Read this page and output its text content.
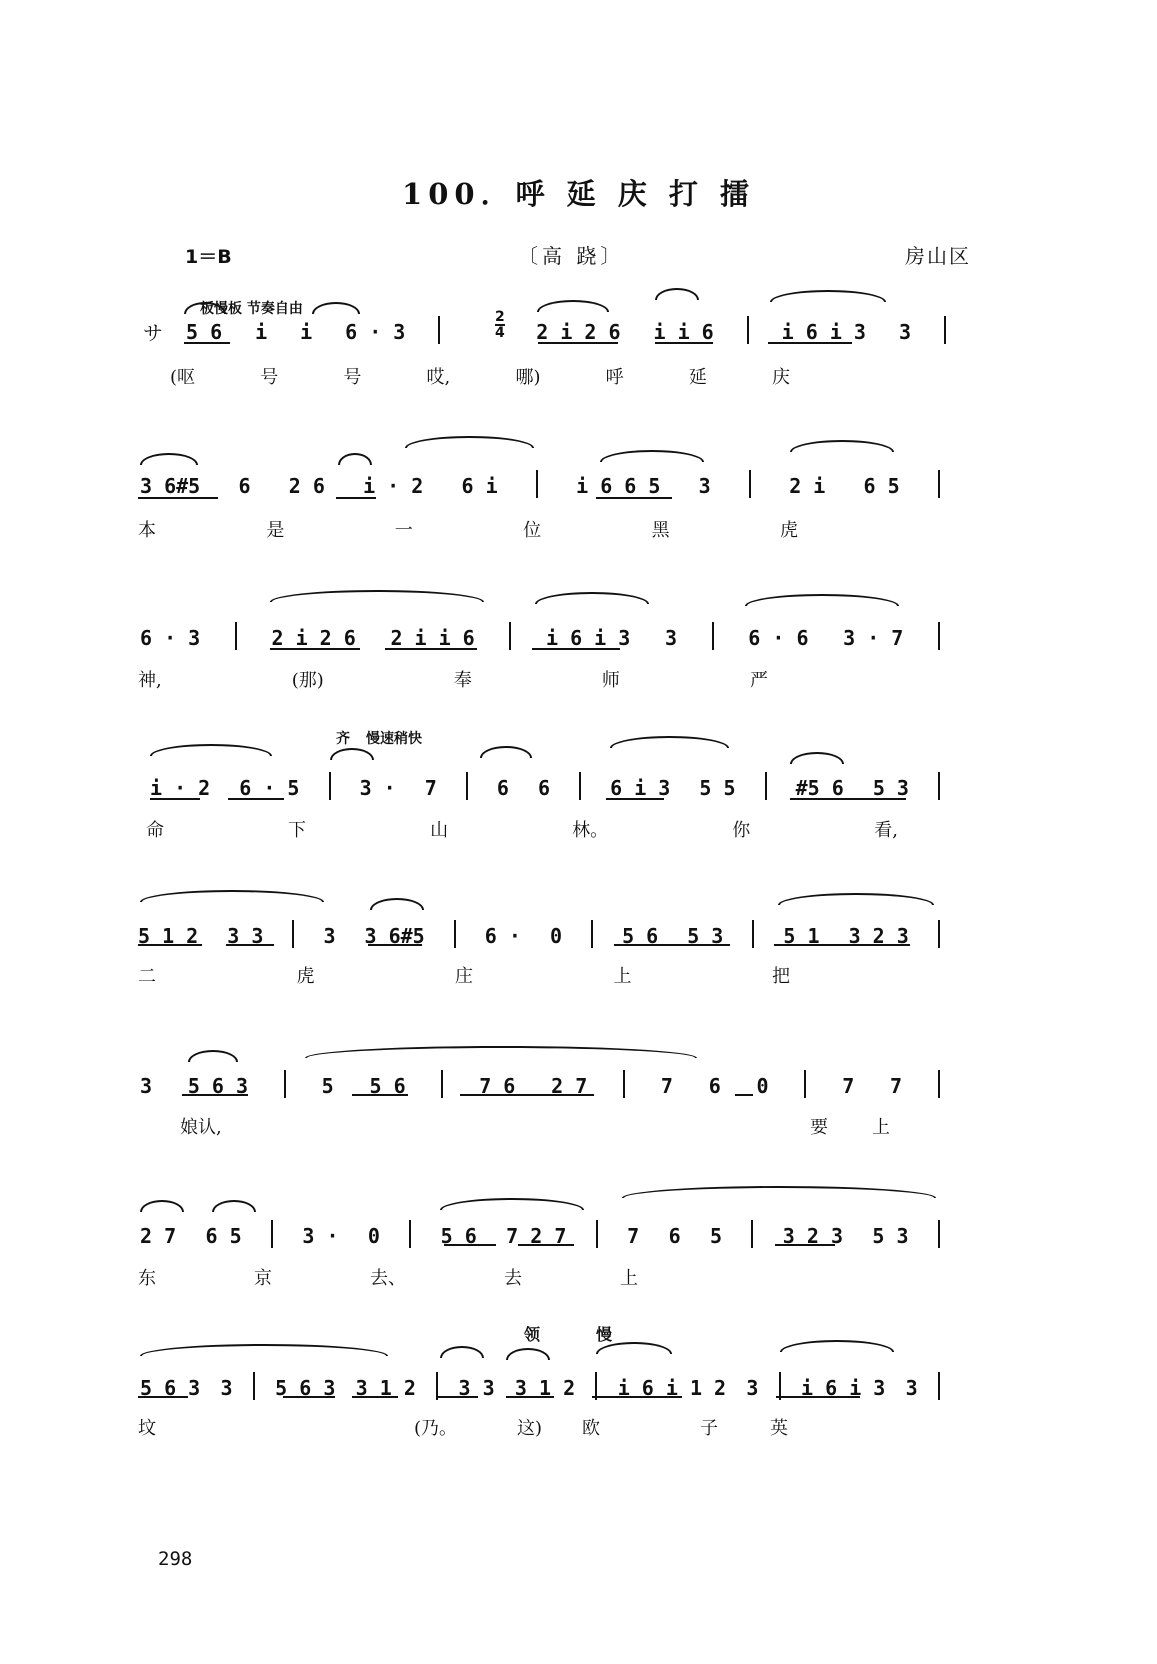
100．呼 延 庆 打 擂
1＝B	〔高 跷〕	房山区
板慢板 节奏自由
サ
2
4
5 6 i i 6 · 3	2 i 2 6 i i 6	i 6 i 3 3
(呕	号	号	哎,	哪)	呼	延	庆
3 6#5 6 2 6 i · 2 6 i	i 6 6 5 3	2 i 6 5
本	是	一	位	黑	虎
6 · 3	2 i 2 6 2 i i 6	i 6 i 3 3	6 · 6 3 · 7
神,	(那)	奉	师	严
齐 慢速稍快
i · 2 6 · 5	3 · 7	6 6	6 i 3 5 5	#5 6 5 3
命	下	山	林。	你	看,
5 1 2 3 3	3 3 6#5	6 · 0	5 6 5 3	5 1 3 2 3
二	虎	庄	上	把
3 5 6 3	5 5 6	7 6 2 7	7 6 0	7 7
娘 认,	要 上
2 7 6 5	3 · 0	5 6 7 2 7	7 6 5	3 2 3 5 3
东	京	去、	去	上
领	慢
5 6 3 3 5 6 3 3 1 2 3 3 3 1 2 i 6 i 1 2 3 i 6 i 3 3
坟	(乃。	这) 欧	子	英
298
